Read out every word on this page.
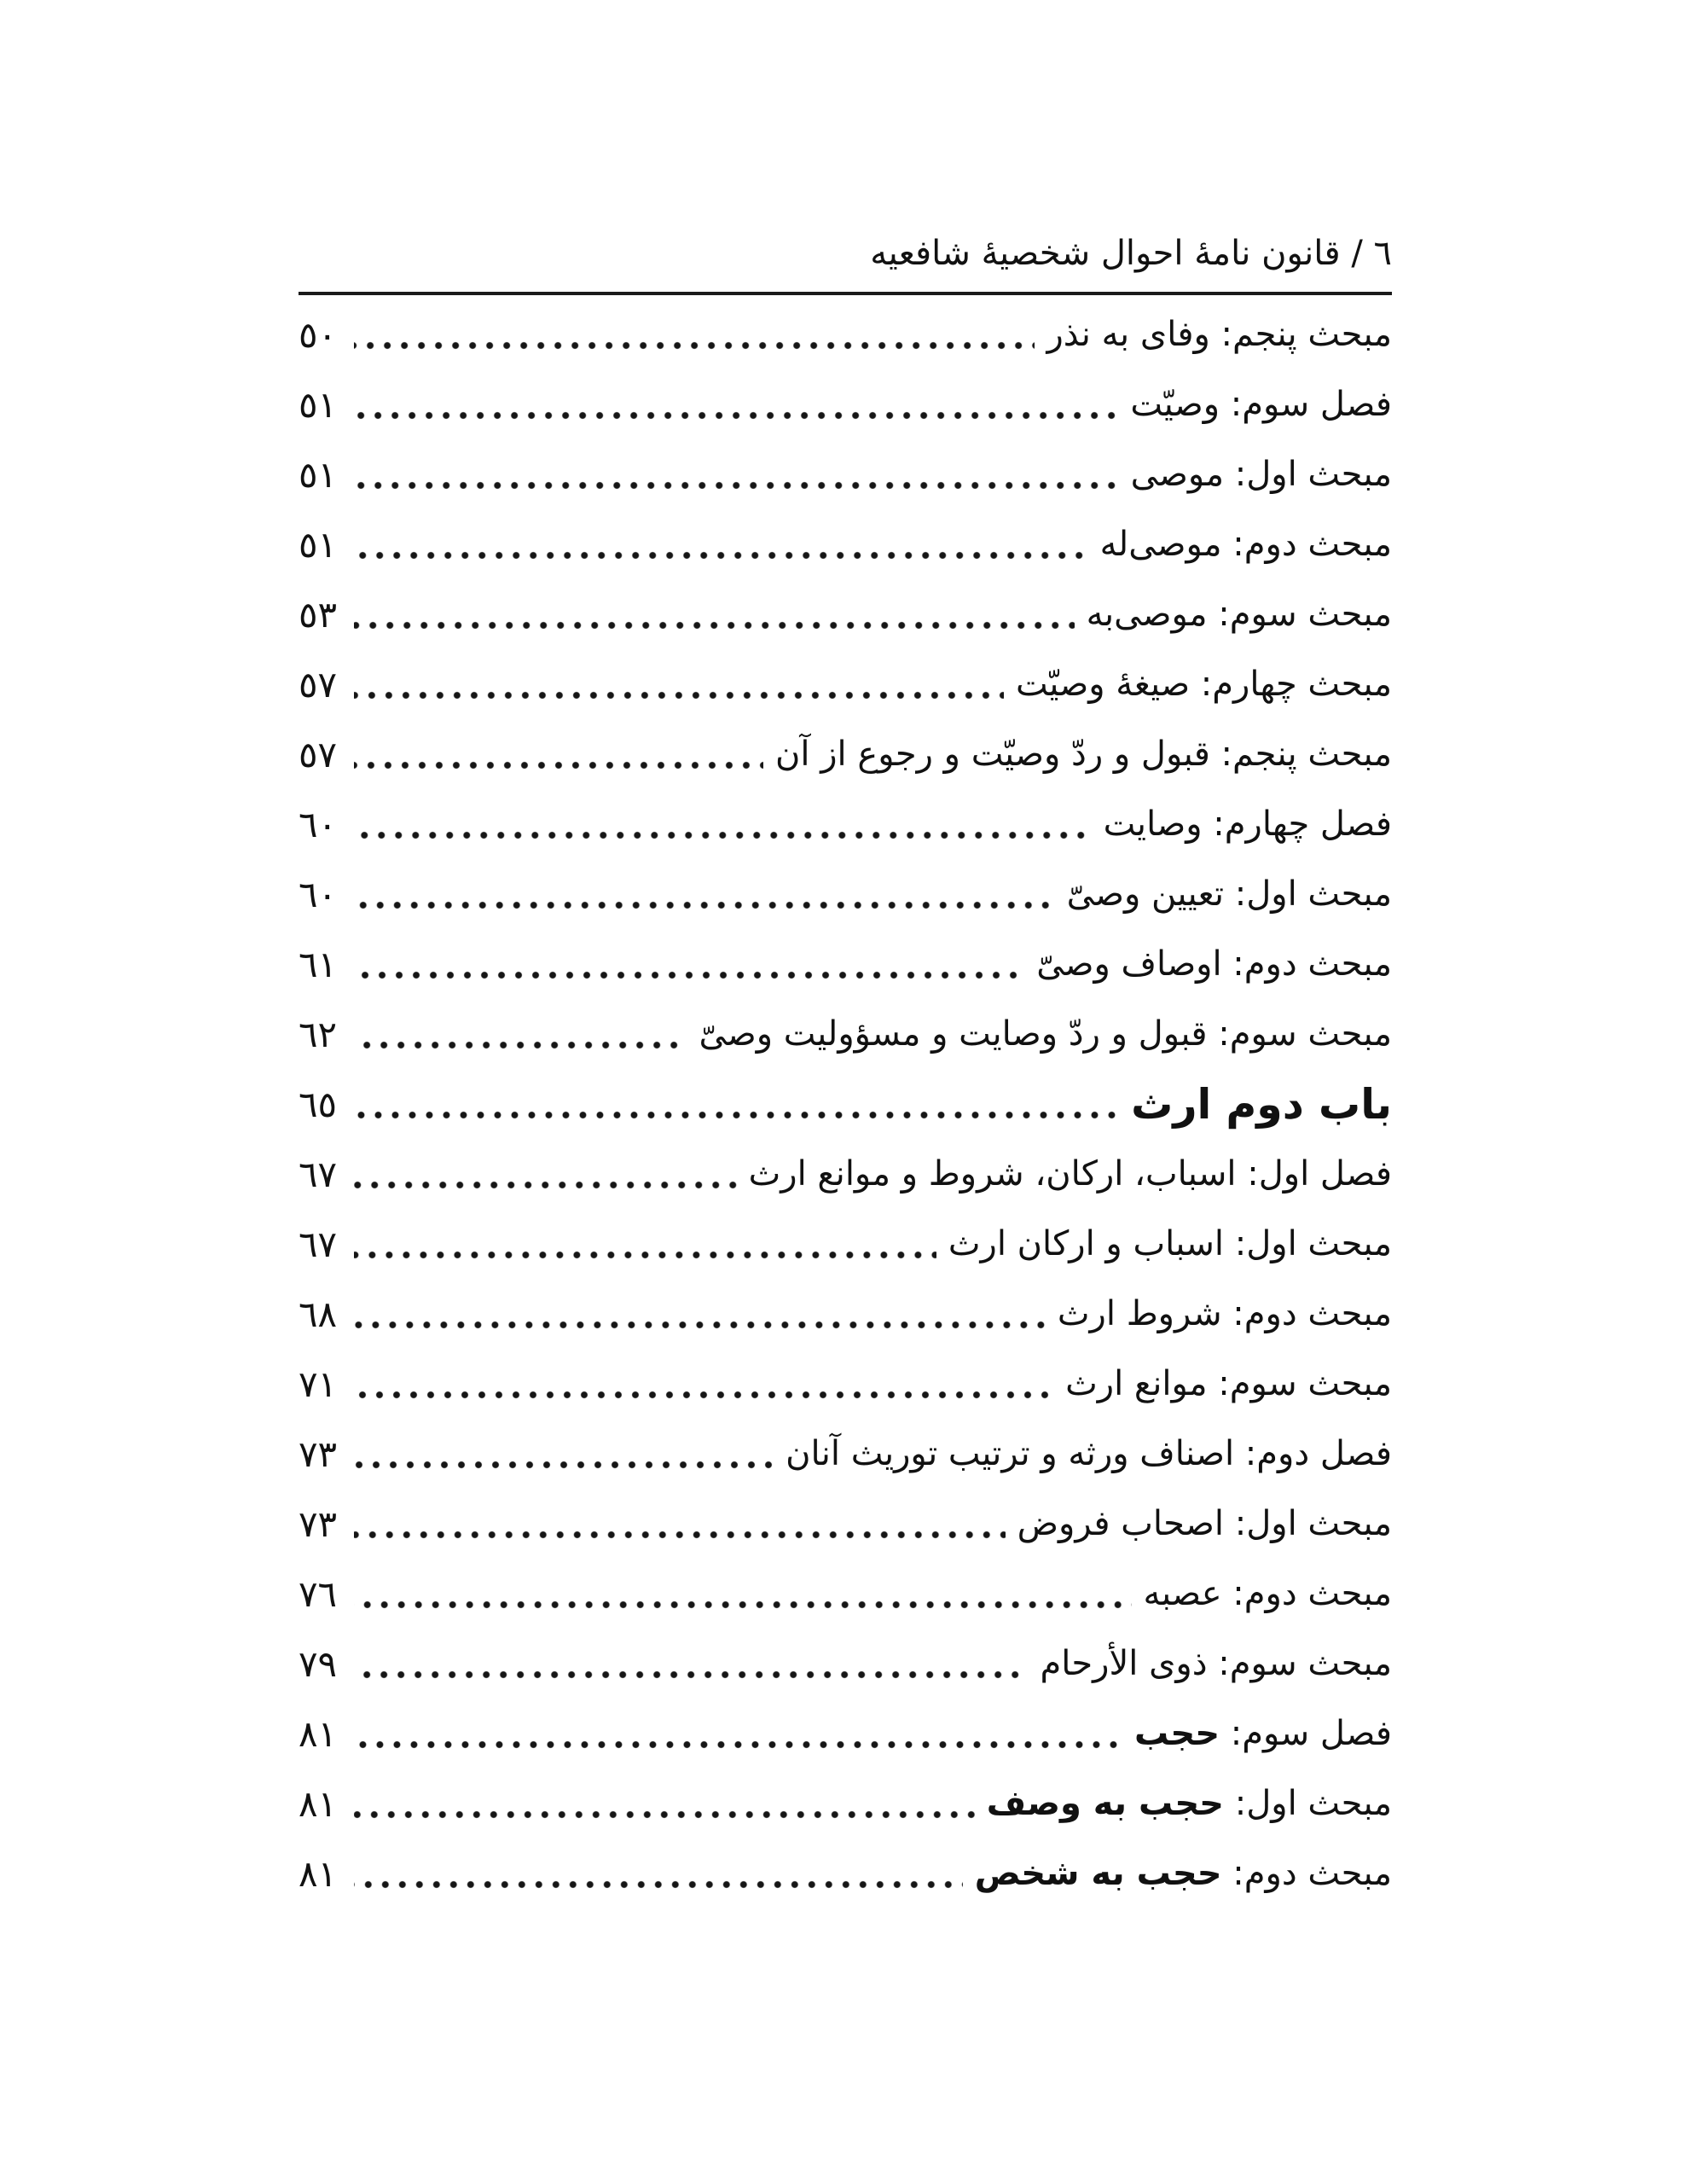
٦ / قانون نامهٔ احوال شخصیهٔ شافعیه
مبحث پنجم: وفای به نذر
٥٠
فصل سوم: وصیّت
٥١
مبحث اول: موصی
٥١
مبحث دوم: موصی‌له
٥١
مبحث سوم: موصی‌به
٥٣
مبحث چهارم: صیغهٔ وصیّت
٥٧
مبحث پنجم: قبول و ردّ وصیّت و رجوع از آن
٥٧
فصل چهارم: وصایت
٦٠
مبحث اول: تعیین وصیّ
٦٠
مبحث دوم: اوصاف وصیّ
٦١
مبحث سوم: قبول و ردّ وصایت و مسؤولیت وصیّ
٦٢
باب دوم ارث
٦٥
فصل اول: اسباب، ارکان، شروط و موانع ارث
٦٧
مبحث اول: اسباب و ارکان ارث
٦٧
مبحث دوم: شروط ارث
٦٨
مبحث سوم: موانع ارث
٧١
فصل دوم: اصناف ورثه و ترتیب توریث آنان
٧٣
مبحث اول: اصحاب فروض
٧٣
مبحث دوم: عصبه
٧٦
مبحث سوم: ذوی الأرحام
٧٩
فصل سوم: حجب
٨١
مبحث اول: حجب به وصف
٨١
مبحث دوم: حجب به شخص
٨١
